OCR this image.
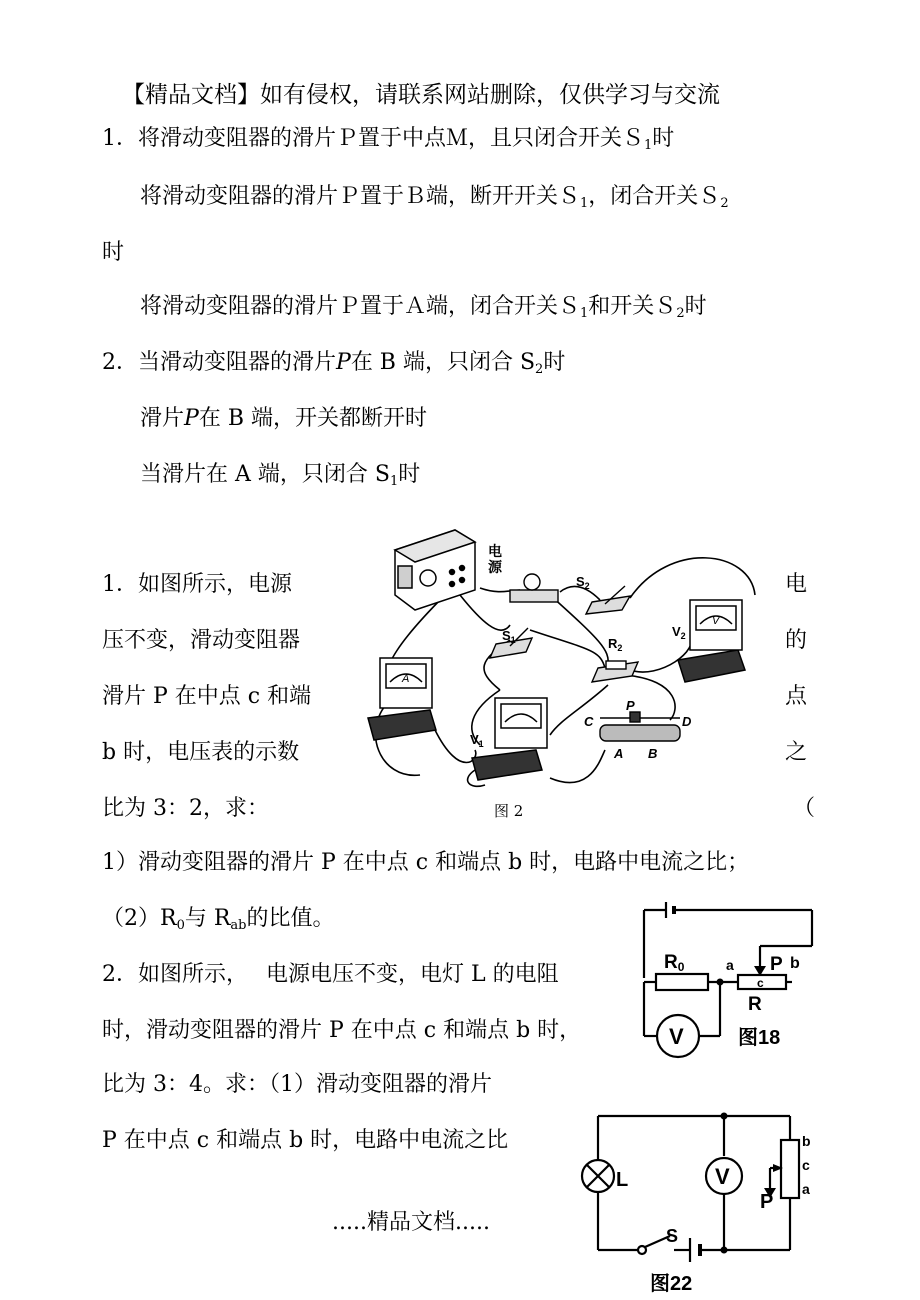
【精品文档】如有侵权，请联系网站删除，仅供学习与交流
1．将滑动变阻器的滑片Ｐ置于中点Ｍ，且只闭合开关Ｓ$_1$时
将滑动变阻器的滑片Ｐ置于Ｂ端，断开开关Ｓ$_1$，闭合开关Ｓ$_2$
时
将滑动变阻器的滑片Ｐ置于Ａ端，闭合开关Ｓ$_1$和开关Ｓ$_2$时
2．当滑动变阻器的滑片P在 B 端，只闭合 $S_2$时
滑片P在 B 端，开关都断开时
当滑片在 A 端，只闭合 $S_1$时
1．如图所示，电源	电
压不变，滑动变阻器	的
滑片 P 在中点 c 和端	点
b 时，电压表的示数	之
比为 3：2，求：	（
1）滑动变阻器的滑片 P 在中点 c 和端点 b 时，电路中电流之比；
$(2)R_0$与 $R_{ab}$的比值。
2．如图所示，　 电源电压不变，电灯 L 的电阻
时，滑动变阻器的滑片 P 在中点 c 和端点 b 时，
比为 3：4。求：（1）滑动变阻器的滑片
P 在中点 c 和端点 b 时，电路中电流之比
.....精品文档.....
电
源
$S_2$
$S_1$	$R_2$
V
$V_2$
A
$V_1$
C	D
P
A B
图 2
R0	a
c
P b
R
V	图18
L	V
P
b
c
a
S
图22
